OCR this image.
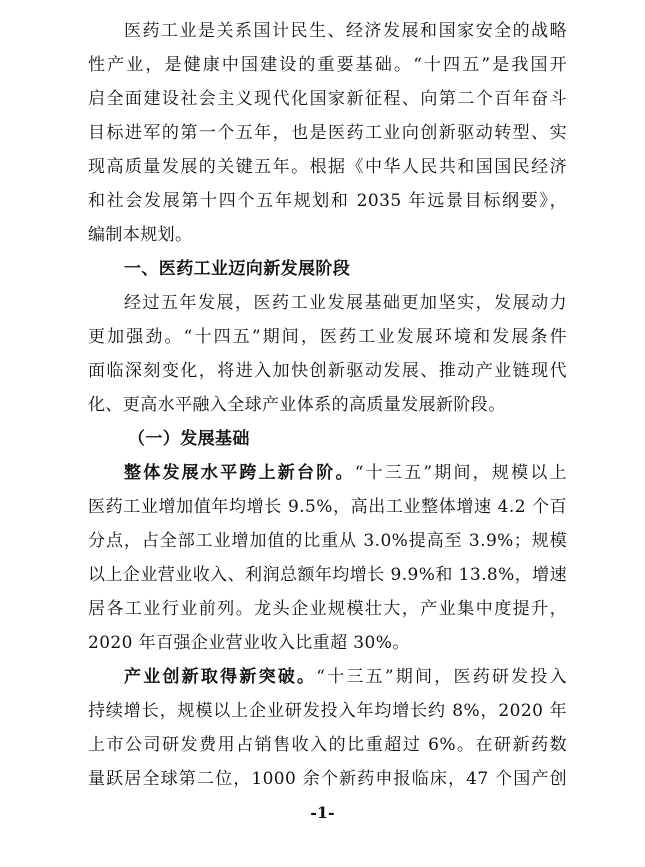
医药工业是关系国计民生、经济发展和国家安全的战略
性产业，是健康中国建设的重要基础。“十四五”是我国开
启全面建设社会主义现代化国家新征程、向第二个百年奋斗
目标进军的第一个五年，也是医药工业向创新驱动转型、实
现高质量发展的关键五年。根据《中华人民共和国国民经济
和社会发展第十四个五年规划和 2035 年远景目标纲要》，
编制本规划。
一、医药工业迈向新发展阶段
经过五年发展，医药工业发展基础更加坚实，发展动力
更加强劲。“十四五”期间，医药工业发展环境和发展条件
面临深刻变化，将进入加快创新驱动发展、推动产业链现代
化、更高水平融入全球产业体系的高质量发展新阶段。
（一）发展基础
整体发展水平跨上新台阶。“十三五”期间，规模以上
医药工业增加值年均增长 9.5%，高出工业整体增速 4.2 个百
分点，占全部工业增加值的比重从 3.0%提高至 3.9%；规模
以上企业营业收入、利润总额年均增长 9.9%和 13.8%，增速
居各工业行业前列。龙头企业规模壮大，产业集中度提升，
2020 年百强企业营业收入比重超 30%。
产业创新取得新突破。“十三五”期间，医药研发投入
持续增长，规模以上企业研发投入年均增长约 8%，2020 年
上市公司研发费用占销售收入的比重超过 6%。在研新药数
量跃居全球第二位，1000 余个新药申报临床，47 个国产创
-1-
